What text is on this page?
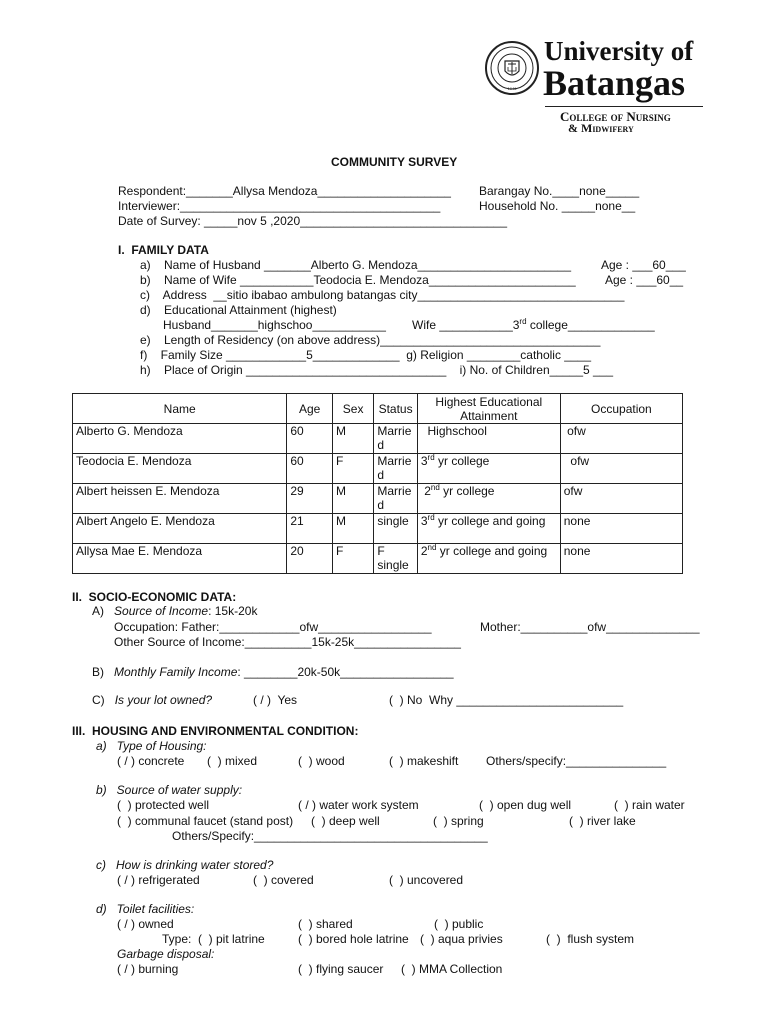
1946
University of
Batangas
College of Nursing
& Midwifery
COMMUNITY SURVEY
Respondent:_______Allysa Mendoza____________________ Barangay No.____none_____
Interviewer:_______________________________________	Household No. _____none__
Date of Survey: _____nov 5 ,2020_______________________________
I.  FAMILY DATA
a)    Name of Husband _______Alberto G. Mendoza_______________________	Age : ___60___
b)    Name of Wife ___________Teodocia E. Mendoza______________________ Age : ___60__
c)    Address  __sitio ibabao ambulong batangas city_______________________________
d)    Educational Attainment (highest)
Husband_______highschoo___________ Wife ___________3rd college_____________
e)    Length of Residency (on above address)_________________________________
f)    Family Size ____________5_____________  g) Religion ________catholic ____
h)    Place of Origin ______________________________    i) No. of Children_____5 ___
Name	Age	Sex	Status	Highest Educational Attainment	Occupation
Alberto G. Mendoza	60	M	Married	Highschool	ofw
Teodocia E. Mendoza	60	F	Married	3rd yr college	ofw
Albert heissen E. Mendoza	29	M	Married	2nd yr college	ofw
Albert Angelo E. Mendoza	21	M	single	3rd yr college and going	none
Allysa Mae E. Mendoza	20	F	F single	2nd yr college and going	none
II.  SOCIO-ECONOMIC DATA:
A) Source of Income: 15k-20k
Occupation: Father:____________ofw_________________	Mother:__________ofw______________
Other Source of Income:__________15k-25k________________
B) Monthly Family Income: ________20k-50k_________________
C) Is your lot owned?	( / )  Yes	(  ) No  Why _________________________
III.  HOUSING AND ENVIRONMENTAL CONDITION:
a)   Type of Housing:
( / ) concrete (  ) mixed	(  ) wood	(  ) makeshift Others/specify:_______________
b)   Source of water supply:
(  ) protected well	( / ) water work system	(  ) open dug well	(  ) rain water
(  ) communal faucet (stand post) (  ) deep well	(  ) spring	(  ) river lake
Others/Specify:___________________________________
c)   How is drinking water stored?
( / ) refrigerated	(  ) covered	(  ) uncovered
d)   Toilet facilities:
( / ) owned	(  ) shared	(  ) public
Type:  (  ) pit latrine	(  ) bored hole latrine (  ) aqua privies	(  )  flush system
Garbage disposal:
( / ) burning	(  ) flying saucer (  ) MMA Collection
